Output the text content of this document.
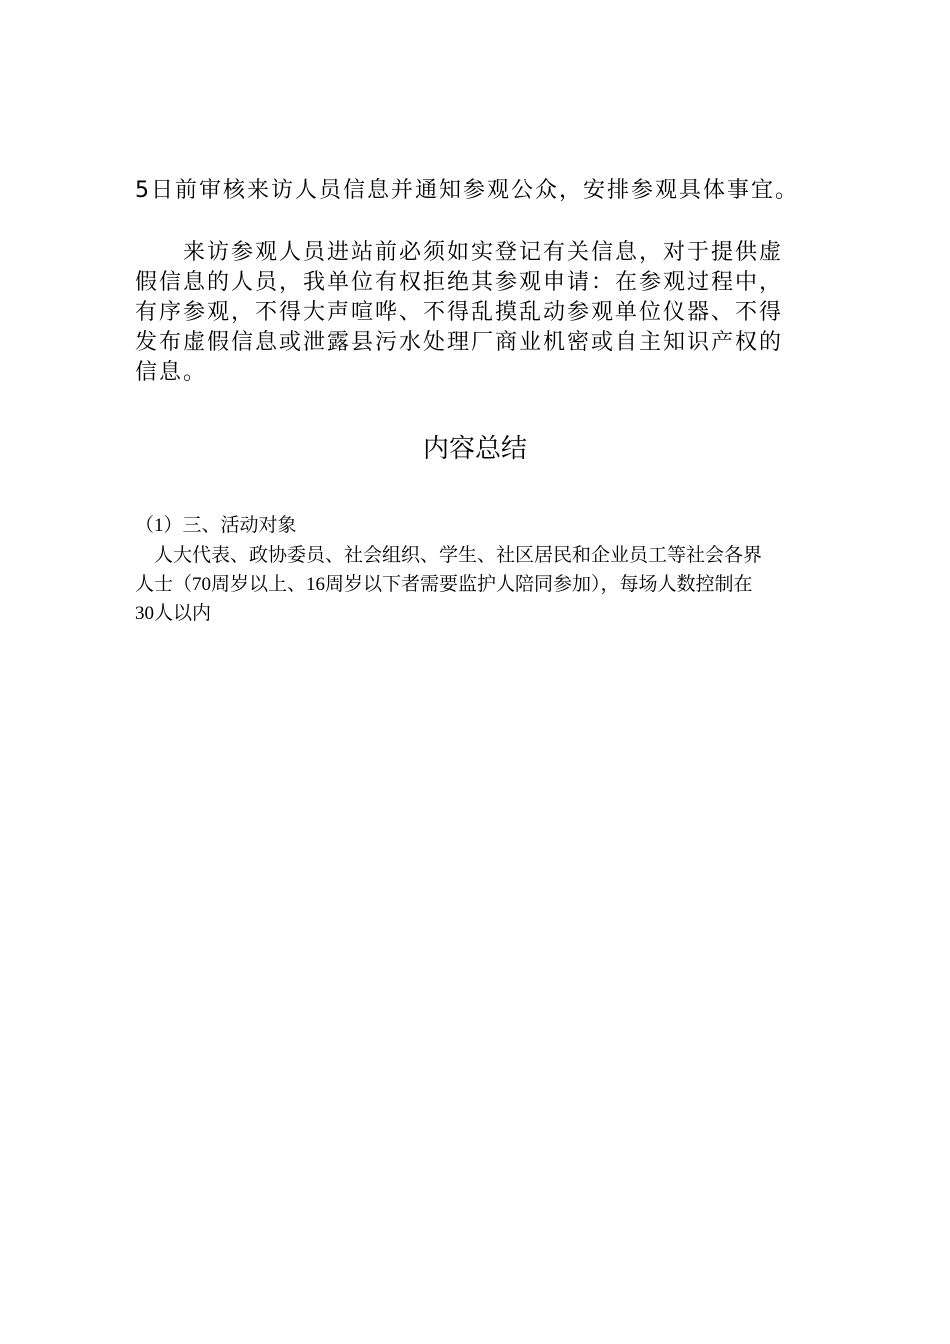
5日前审核来访人员信息并通知参观公众，安排参观具体事宜。

来访参观人员进站前必须如实登记有关信息，对于提供虚
假信息的人员，我单位有权拒绝其参观申请：在参观过程中，
有序参观，不得大声喧哗、不得乱摸乱动参观单位仪器、不得
发布虚假信息或泄露县污水处理厂商业机密或自主知识产权的
信息。

内容总结

（1）三、活动对象

人大代表、政协委员、社会组织、学生、社区居民和企业员工等社会各界
人士（70周岁以上、16周岁以下者需要监护人陪同参加），每场人数控制在
30人以内
